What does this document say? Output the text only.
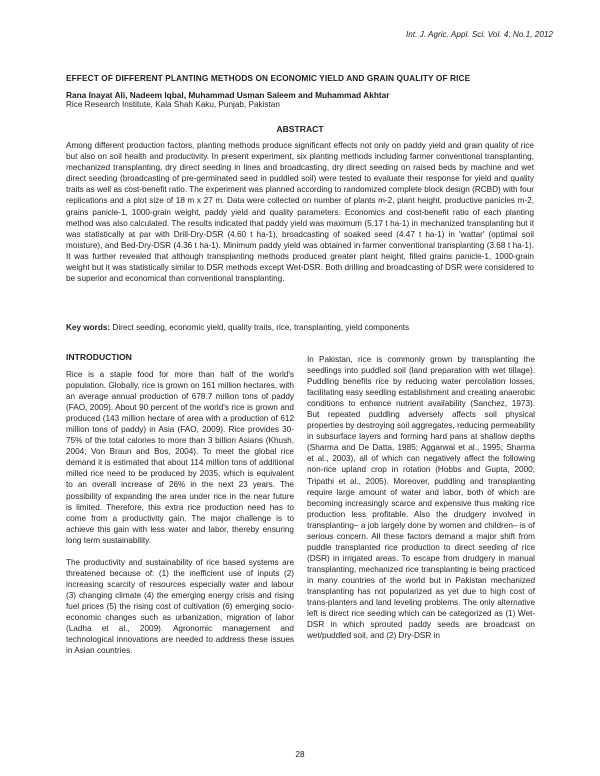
Int. J. Agric. Appl. Sci. Vol. 4, No.1, 2012
EFFECT OF DIFFERENT PLANTING METHODS ON ECONOMIC YIELD AND GRAIN QUALITY OF RICE
Rana Inayat Ali, Nadeem Iqbal, Muhammad Usman Saleem and Muhammad Akhtar
Rice Research Institute, Kala Shah Kaku, Punjab, Pakistan
ABSTRACT
Among different production factors, planting methods produce significant effects not only on paddy yield and grain quality of rice but also on soil health and productivity. In present experiment, six planting methods including farmer conventional transplanting, mechanized transplanting, dry direct seeding in lines and broadcasting, dry direct seeding on raised beds by machine and wet direct seeding (broadcasting of pre-germinated seed in puddled soil) were tested to evaluate their response for yield and quality traits as well as cost-benefit ratio. The experiment was planned according to randomized complete block design (RCBD) with four replications and a plot size of 18 m x 27 m. Data were collected on number of plants m-2, plant height, productive panicles m-2, grains panicle-1, 1000-grain weight, paddy yield and quality parameters. Economics and cost-benefit ratio of each planting method was also calculated. The results indicated that paddy yield was maximum (5.17 t ha-1) in mechanized transplanting but it was statistically at par with Drill-Dry-DSR (4.60 t ha-1), broadcasting of soaked seed (4.47 t ha-1) in 'wattar' (optimal soil moisture), and Bed-Dry-DSR (4.36 t ha-1). Minimum paddy yield was obtained in farmer conventional transplanting (3.68 t ha-1). It was further revealed that although transplanting methods produced greater plant height, filled grains panicle-1, 1000-grain weight but it was statistically similar to DSR methods except Wet-DSR. Both drilling and broadcasting of DSR were considered to be superior and economical than conventional transplanting.
Key words: Direct seeding, economic yield, quality traits, rice, transplanting, yield components
INTRODUCTION

Rice is a staple food for more than half of the world's population. Globally, rice is grown on 161 million hectares, with an average annual production of 678.7 million tons of paddy (FAO, 2009). About 90 percent of the world's rice is grown and produced (143 million hectare of area with a production of 612 million tons of paddy) in Asia (FAO, 2009). Rice provides 30-75% of the total calories to more than 3 billion Asians (Khush, 2004; Von Braun and Bos, 2004). To meet the global rice demand it is estimated that about 114 million tons of additional milled rice need to be produced by 2035, which is equivalent to an overall increase of 26% in the next 23 years. The possibility of expanding the area under rice in the near future is limited. Therefore, this extra rice production need has to come from a productivity gain. The major challenge is to achieve this gain with less water and labor, thereby ensuring long term sustainability.

The productivity and sustainability of rice based systems are threatened because of: (1) the inefficient use of inputs (2) increasing scarcity of resources especially water and labour (3) changing climate (4) the emerging energy crisis and rising fuel prices (5) the rising cost of cultivation (6) emerging socio-economic changes such as urbanization, migration of labor (Ladha et al., 2009). Agronomic management and technological innovations are needed to address these issues in Asian countries.

In Pakistan, rice is commonly grown by transplanting the seedlings into puddled soil (land preparation with wet tillage). Puddling benefits rice by reducing water percolation losses, facilitating easy seedling establishment and creating anaerobic conditions to enhance nutrient availability (Sanchez, 1973). But repeated puddling adversely affects soil physical properties by destroying soil aggregates, reducing permeability in subsurface layers and forming hard pans at shallow depths (Sharma and De Datta, 1985; Aggarwal et al., 1995; Sharma et al., 2003), all of which can negatively affect the following non-rice upland crop in rotation (Hobbs and Gupta, 2000; Tripathi et al., 2005). Moreover, puddling and transplanting require large amount of water and labor, both of which are becoming increasingly scarce and expensive thus making rice production less profitable. Also the drudgery involved in transplanting– a job largely done by women and children– is of serious concern. All these factors demand a major shift from puddle transplanted rice production to direct seeding of rice (DSR) in irrigated areas. To escape from drudgery in manual transplanting, mechanized rice transplanting is being practiced in many countries of the world but in Pakistan mechanized transplanting has not popularized as yet due to high cost of trans-planters and land leveling problems. The only alternative left is direct rice seeding which can be categorized as (1) Wet-DSR in which sprouted paddy seeds are broadcast on wet/puddled soil, and (2) Dry-DSR in

28
